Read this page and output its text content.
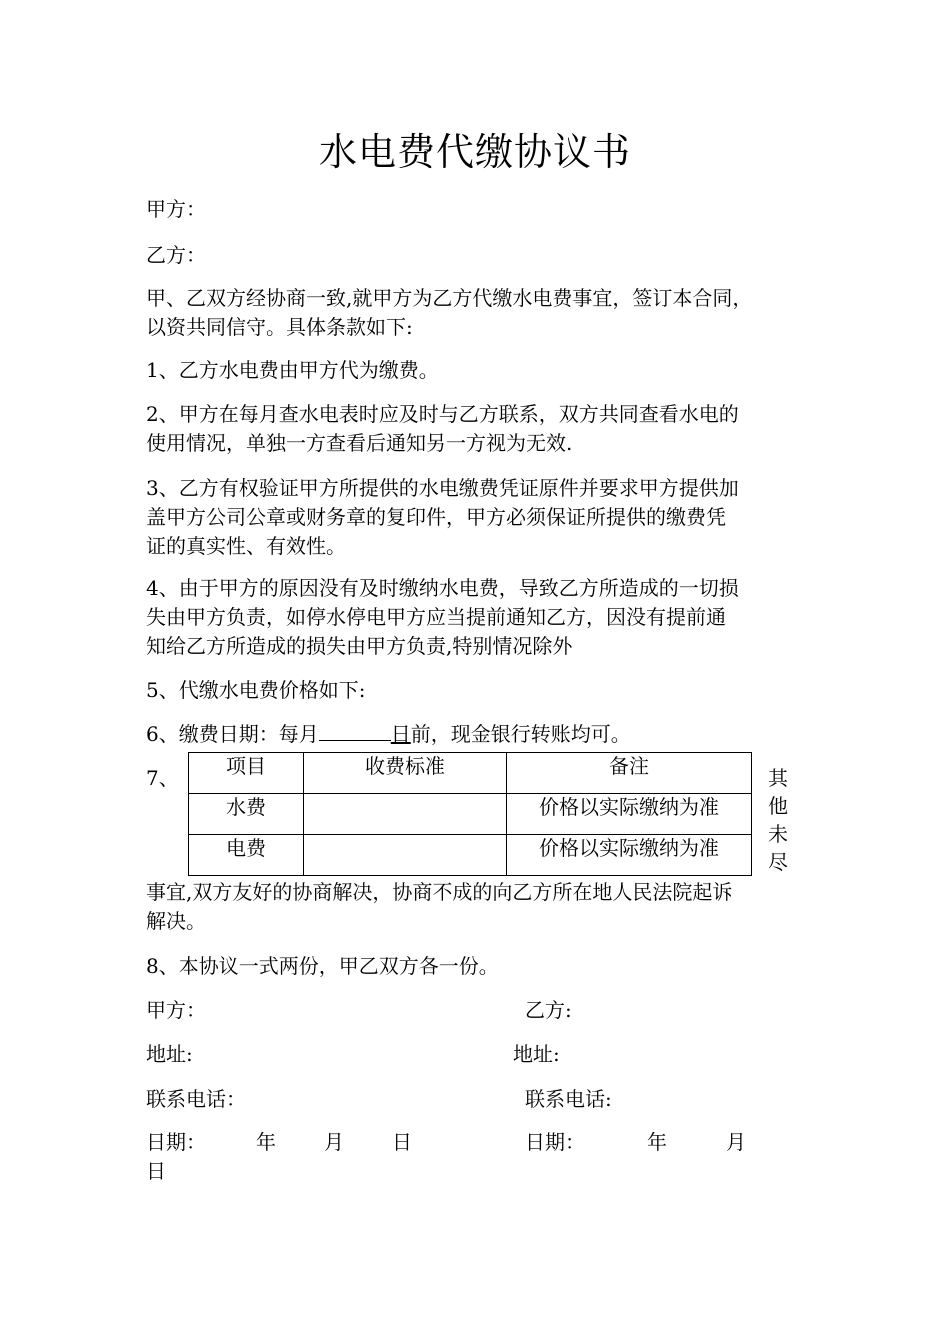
水电费代缴协议书
甲方：
乙方：
甲、乙双方经协商一致,就甲方为乙方代缴水电费事宜，签订本合同，
以资共同信守。具体条款如下:
1、乙方水电费由甲方代为缴费。
2、甲方在每月查水电表时应及时与乙方联系，双方共同查看水电的
使用情况，单独一方查看后通知另一方视为无效.
3、乙方有权验证甲方所提供的水电缴费凭证原件并要求甲方提供加
盖甲方公司公章或财务章的复印件，甲方必须保证所提供的缴费凭
证的真实性、有效性。
4、由于甲方的原因没有及时缴纳水电费，导致乙方所造成的一切损
失由甲方负责，如停水停电甲方应当提前通知乙方，因没有提前通
知给乙方所造成的损失由甲方负责,特别情况除外
5、代缴水电费价格如下:
6、缴费日期：每月	日前，现金银行转账均可。
7、	项目	收费标准	备注
水费		价格以实际缴纳为准
电费		价格以实际缴纳为准
其
他
未
尽
事宜,双方友好的协商解决，协商不成的向乙方所在地人民法院起诉
解决。
8、本协议一式两份，甲乙双方各一份。
甲方：
地址:
联系电话：
日期：	年 月 日
乙方:
地址:
联系电话:
日期：	年	月
日
